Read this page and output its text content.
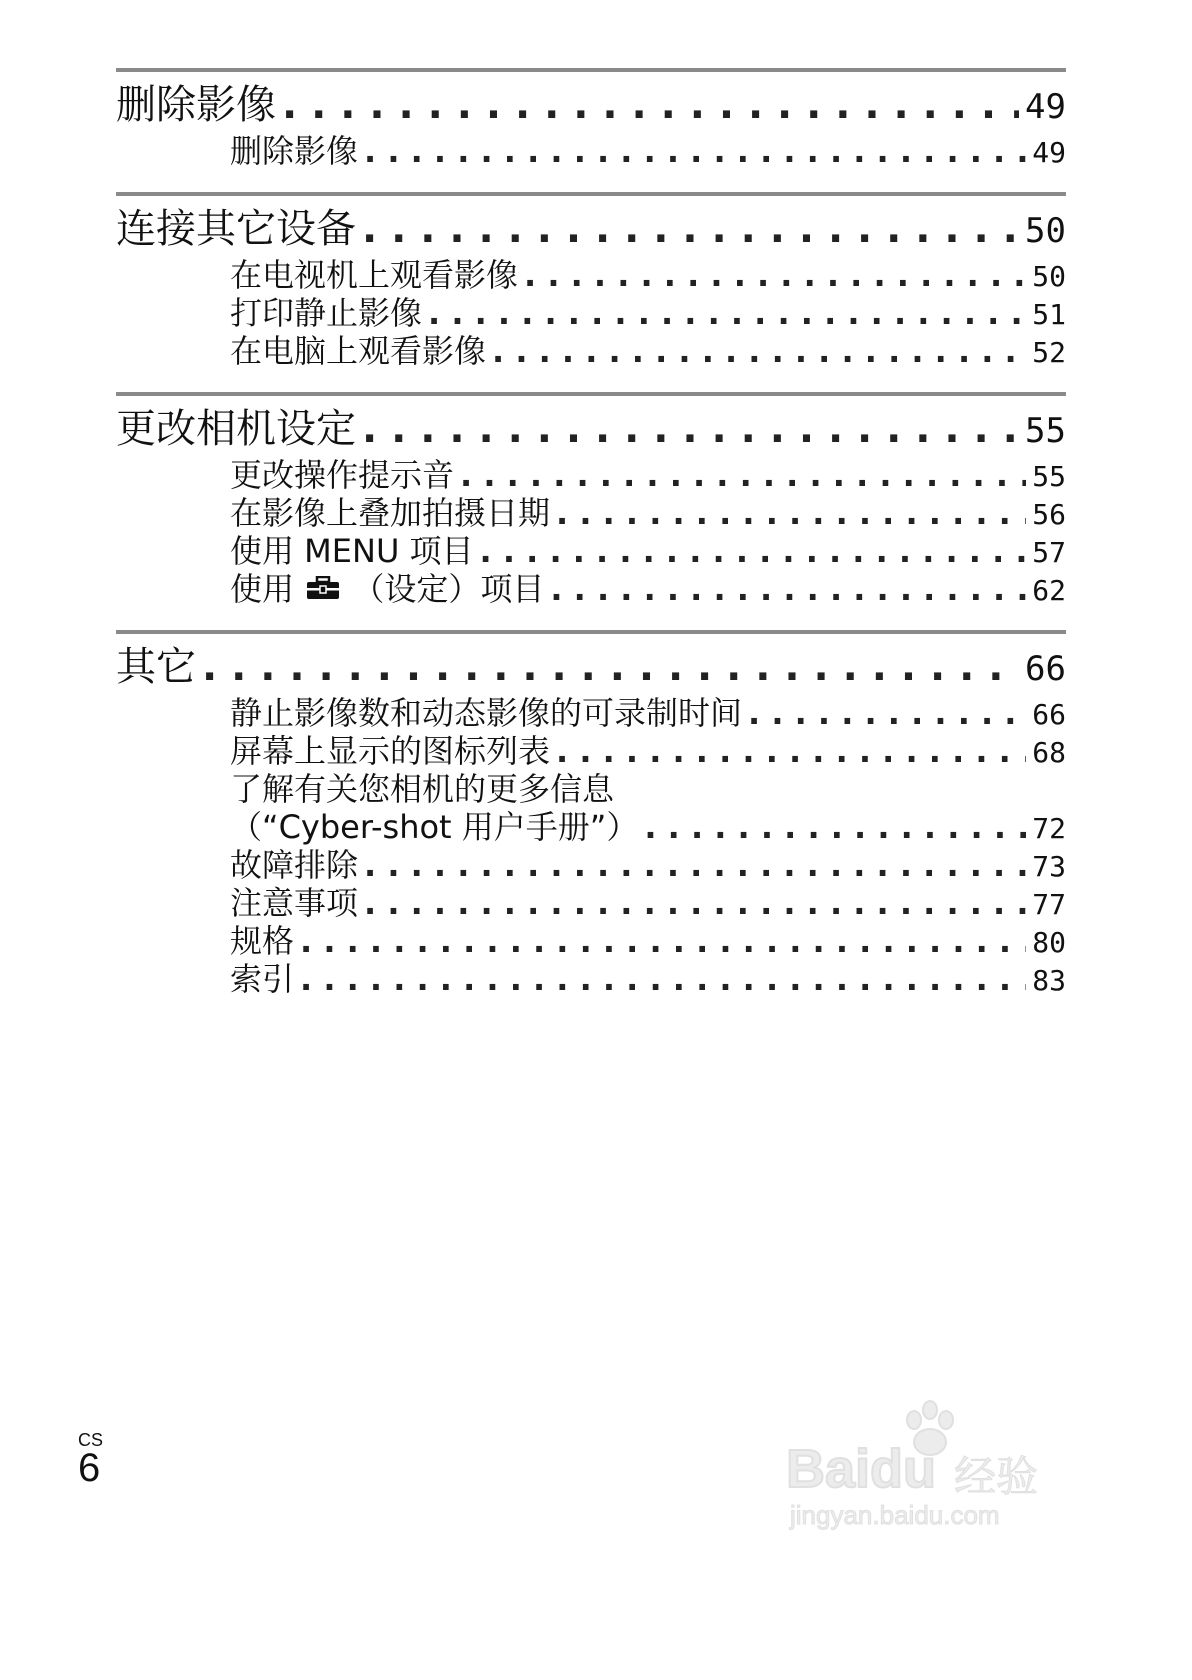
删除影像 . . .	49
删除影像 . . .	49
连接其它设备 . . .	50
在电视机上观看影像 . . .	50
打印静止影像 . . .	51
在电脑上观看影像 . . .	52
更改相机设定 . . .	55
更改操作提示音 . . .	55
在影像上叠加拍摄日期 . . .	56
使用 MENU 项目 . . .	57
使用 （设定）项目 . . .	62
其它 . . .	66
静止影像数和动态影像的可录制时间 . . .	66
屏幕上显示的图标列表 . . .	68
了解有关您相机的更多信息
（“Cyber-shot 用户手册”） . . .	72
故障排除 . . .	73
注意事项 . . .	77
规格 . . .	80
索引 . . .	83
CS
6	Baidu 经验
jingyan.baidu.com
